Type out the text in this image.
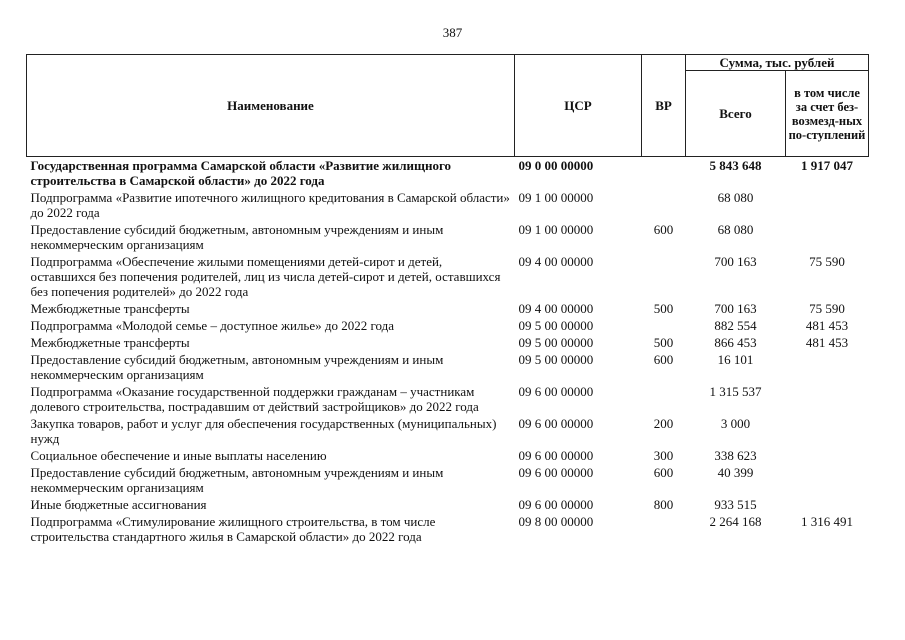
387
Наименование	ЦСР	ВР	Сумма, тыс. рублей	
			Всего	в том числе за счет без-возмезд-ных по-ступлений
Государственная программа Самарской области «Развитие жилищного строительства в Самарской области» до 2022 года	09 0 00 00000		5 843 648	1 917 047
Подпрограмма «Развитие ипотечного жилищного кредитования в Самарской области» до 2022 года	09 1 00 00000		68 080	
Предоставление субсидий бюджетным, автономным учреждениям и иным некоммерческим организациям	09 1 00 00000	600	68 080	
Подпрограмма «Обеспечение жилыми помещениями детей-сирот и детей, оставшихся без попечения родителей, лиц из числа детей-сирот и детей, оставшихся без попечения родителей» до 2022 года	09 4 00 00000		700 163	75 590
Межбюджетные трансферты	09 4 00 00000	500	700 163	75 590
Подпрограмма «Молодой семье – доступное жилье» до 2022 года	09 5 00 00000		882 554	481 453
Межбюджетные трансферты	09 5 00 00000	500	866 453	481 453
Предоставление субсидий бюджетным, автономным учреждениям и иным некоммерческим организациям	09 5 00 00000	600	16 101	
Подпрограмма «Оказание государственной поддержки гражданам – участникам долевого строительства, пострадавшим от действий застройщиков» до 2022 года	09 6 00 00000		1 315 537	
Закупка товаров, работ и услуг для обеспечения государственных (муниципальных) нужд	09 6 00 00000	200	3 000	
Социальное обеспечение и иные выплаты населению	09 6 00 00000	300	338 623	
Предоставление субсидий бюджетным, автономным учреждениям и иным некоммерческим организациям	09 6 00 00000	600	40 399	
Иные бюджетные ассигнования	09 6 00 00000	800	933 515	
Подпрограмма «Стимулирование жилищного строительства, в том числе строительства стандартного жилья в Самарской области» до 2022 года	09 8 00 00000		2 264 168	1 316 491
